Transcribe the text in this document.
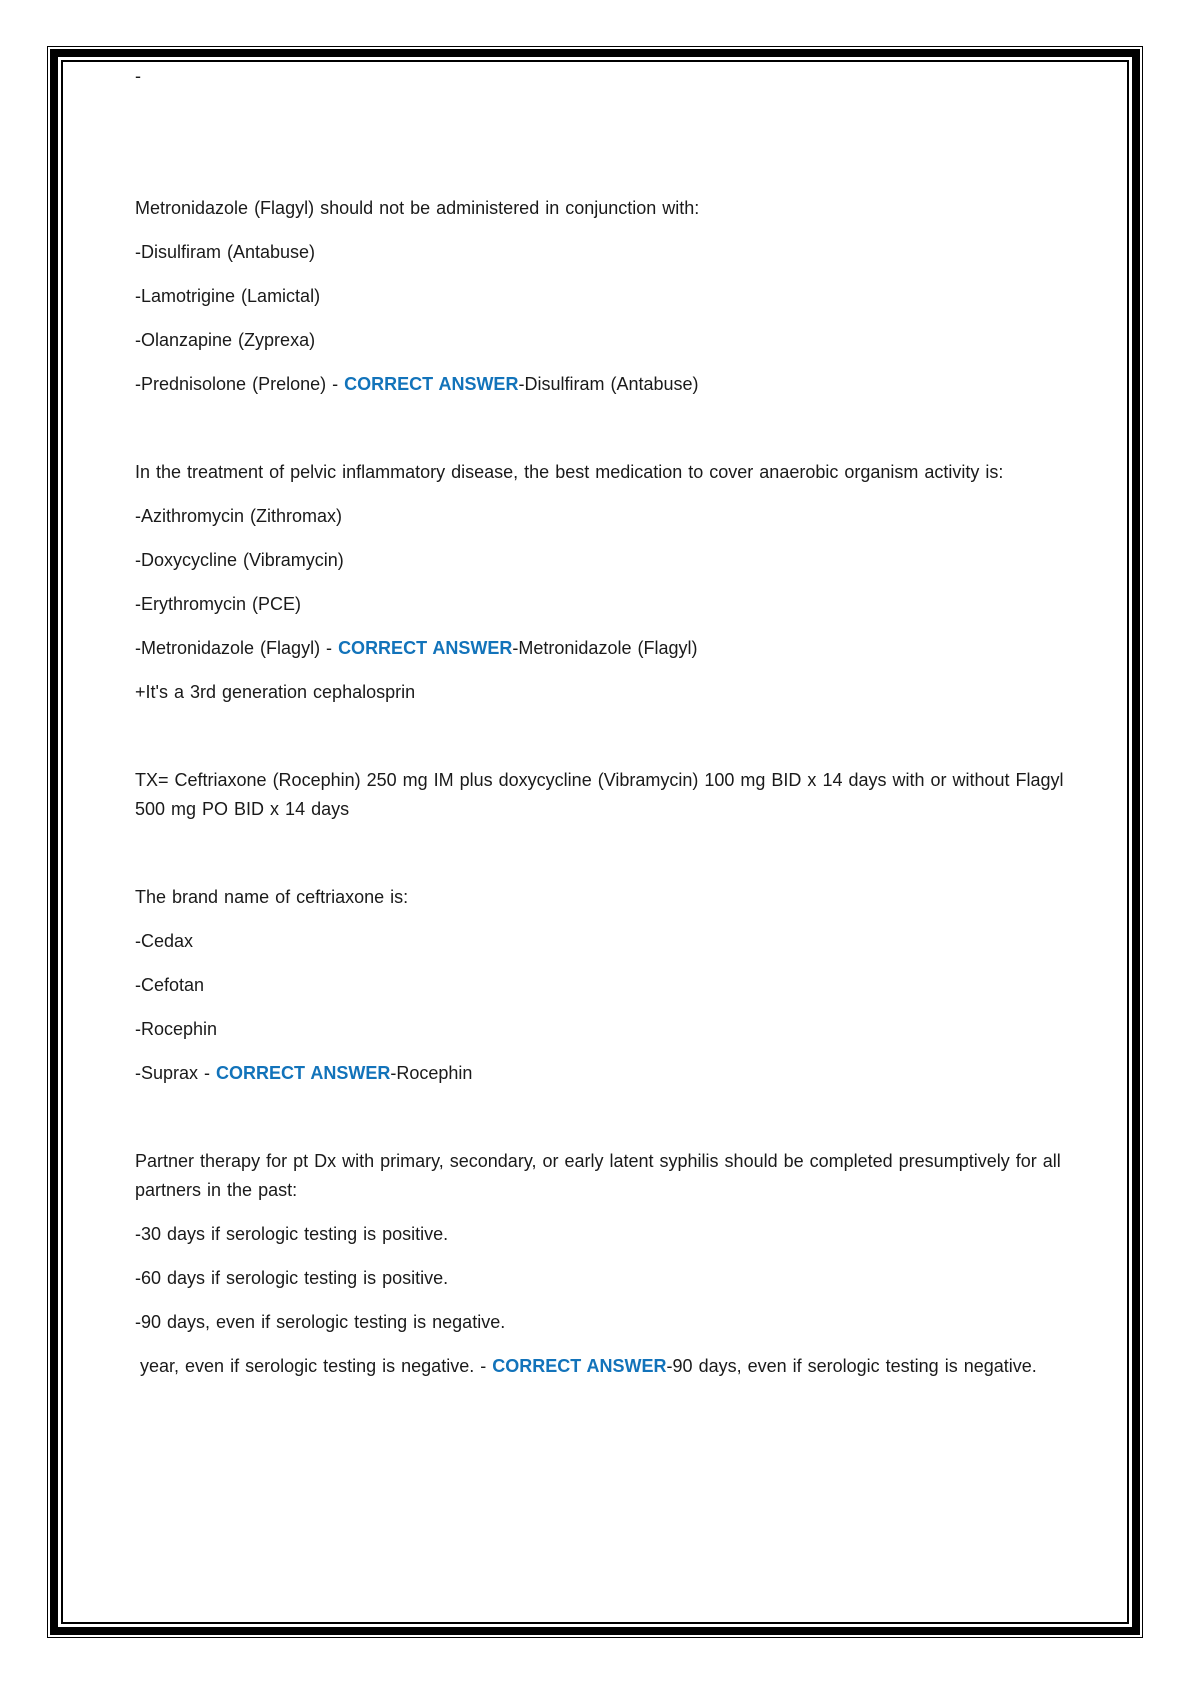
-

Metronidazole (Flagyl) should not be administered in conjunction with:

-Disulfiram (Antabuse)

-Lamotrigine (Lamictal)

-Olanzapine (Zyprexa)

-Prednisolone (Prelone) - CORRECT ANSWER-Disulfiram (Antabuse)

In the treatment of pelvic inflammatory disease, the best medication to cover anaerobic organism activity is:

-Azithromycin (Zithromax)

-Doxycycline (Vibramycin)

-Erythromycin (PCE)

-Metronidazole (Flagyl) - CORRECT ANSWER-Metronidazole (Flagyl)

+It's a 3rd generation cephalosprin

TX= Ceftriaxone (Rocephin) 250 mg IM plus doxycycline (Vibramycin) 100 mg BID x 14 days with or without Flagyl 500 mg PO BID x 14 days

The brand name of ceftriaxone is:

-Cedax

-Cefotan

-Rocephin

-Suprax - CORRECT ANSWER-Rocephin

Partner therapy for pt Dx with primary, secondary, or early latent syphilis should be completed presumptively for all partners in the past:

-30 days if serologic testing is positive.

-60 days if serologic testing is positive.

-90 days, even if serologic testing is negative.

year, even if serologic testing is negative. - CORRECT ANSWER-90 days, even if serologic testing is negative.
